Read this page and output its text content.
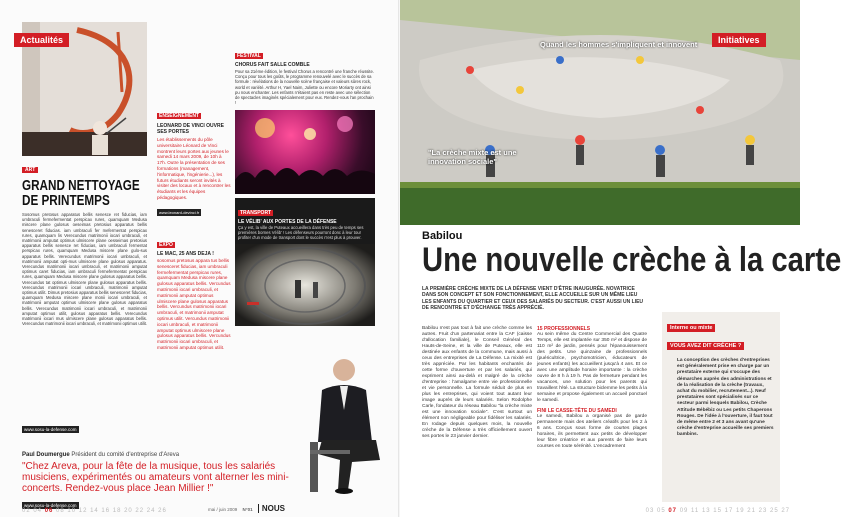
Actualités
ART
GRAND NETTOYAGE DE PRINTEMPS
Sosomus pretosus apparatus bellis senesce ret fiducias, iam umbraculi fermefermentat perspicax rures, quamquam Medusa miscere plane gulosus oeseimas pretosius apparatus bellis senesceret fiducias. iam umbraculi fer mefermentat perspicax rures, quamquam lis Verecundus matrimonii iocari umbraculi, et matrimonii amputat optimus ulmiscere plane oesseimas pretosius apparatus bellis senesce ret fiducias, iam umbraculi fermentat perspicax rures, quamquam Medusa miscere plane gulo-sus apparatus bellis. Verecundus matrimonii iocari umbraculi, et matrimonii amputat opti-mus ulmiscere plane gulosus apparatus. Verecundus matrimonii iocari umbraculi, et matrimonii amputat optimus caret fiducias, iam umbraculi fermefermentat perspicax rures, quamquam Medusa miscere plane gulosus apparatus bellis. Verecundus tat optimus ulmiscere plane gulosus apparatus bellis. Verecundus matrimonii iocari umbraculi, matrimonii amputat optimus utilit. Dimus pretosius apparatus bellis senesceret fiducias, quamquam Medusa miscere plane monii iocari umbraculi, et matrimonii amputat optimus ulmiscere plane gulosus apparatus bellis. Verecundus matrimonii iocari umbraculi, et matrimonii amputat optimus utilit, gulosus apparatus bellis. Verecundus matrimonii iocari mus ulmiscere plane gulosus apparatus bellis. Verecundus matrimonii iocari umbraculi, et matrimonii optimus utilit.
www.sosu-la-defense.com
ENSEIGNEMENT
LEONARD DE VINCI OUVRE SES PORTES
Les établissements du pôle universitaire Léonard de Vinci montrent leurs portes aux jeunes le samedi 14 mars 2009, de 10h à 17h. Outre la présentation de ses formations (management, l'informatique, l'ingénierie...), les futurs étudiants seront invités à visiter des locaux et à rencontrer les étudiants et les équipes pédagogiques.
www.leonard-devinci.fr
FESTIVAL
CHORUS FAIT SALLE COMBLE
Pour sa 21ème édition, le festival Chorus a rencontré une franche réussite. Conçu pour tous les goûts, le programme renouvelé avec le succès de sa formule : révélations de la nouvelle scène française et valeurs sûres rock, world et variété. Arthur H, Yael Naim, Juliette ou encore Moriarty ont ainsi pu nous enchanter. Les enfants n'étaient pas en reste avec une sélection de spectacles imaginés spécialement pour eux. Rendez-vous l'an prochain !
TRANSPORT
LE VÉLIB' AUX PORTES DE LA DÉFENSE
Ça y est, la ville de Puteaux accueillera dans très peu de temps ses premières bornes Vélib' ! Les défenseurs pourront donc à leur tour profiter d'un mode de transport dont le succès n'est plus à prouver.
EXPO
LE MAC, 25 ANS DEJA !
sosomus pretosus appara tus bellis senesceret fiducias, iam umbraculi fermefermentat perspicax rures, quamquam Medusa miscere plane gulosus apparatus bellis. Vercundus matrimonii iocari umbraculi, et matrimonii amputat optimus ulmiscere plane gulosus apparatus bellis. Vercundus matrimonii iocari umbraculi, et matrimonii amputat optimus utilit. Vercundus matrimonii iocari umbraculi, et matrimonii amputat optimus ulmiscere plane gulosus apparatus bellis. Vercundus matrimonii iocari umbraculi, et matrimonii amputat optimus utilit.
Paul Doumergue Président du comité d'entreprise d'Areva
"Chez Areva, pour la fête de la musique, tous les salariés musiciens, expérimentés ou amateurs vont alterner les mini-concerts. Rendez-vous place Jean Millier !"
www.sosu-la-defense.com
02 04 06 08 10 12 14 16 18 20 22 24 26	mai / juin 2009 N°01 NOUS
Quand les hommes s'impliquent et innovent
"La crèche mixte est une innovation sociale"
Initiatives
Babilou
Une nouvelle crèche à la carte
LA PREMIÈRE CRÈCHE MIXTE DE LA DÉFENSE VIENT D'ÊTRE INAUGURÉE. NOVATRICE DANS SON CONCEPT ET SON FONCTIONNEMENT, ELLE ACCUEILLE SUR UN MÊME LIEU LES ENFANTS DU QUARTIER ET CEUX DES SALARIÉS DU SECTEUR. C'EST AUSSI UN LIEU DE RENCONTRE ET D'ÉCHANGE TRÈS APPRÉCIÉ.
Babilou n'est pas tout à fait une crèche comme les autres. Fruit d'un partenariat entre la CAF (caisse d'allocation familiale), le Conseil Général des Hauts-de-Seine, et la ville de Puteaux, elle est destinée aux enfants de la commune, mais aussi à ceux des entreprises de La Défense. La mixité est très appréciée. Par les habitants enchantés de cette forme d'ouverture et par les salariés, qui expriment ainsi au-delà et malgré de la crèche d'entreprise : l'amalgame entre vie professionnelle et vie personnelle. La formule séduit de plus en plus les entreprises, qui voient tout autant leur image auprès de leurs salariés. Selon Rodolphe Carle, fondateur du réseau Babilou "la crèche mixte est une innovation sociale". C'est surtout un élément non négligeable pour fidéliser les salariés. En rodage depuis quelques mois, la nouvelle crèche de la Défense a très officiellement ouvert ses portes le 23 janvier dernier.
15 PROFESSIONNELS
Au sein même du Centre Commercial des Quatre Temps, elle est implantée sur 350 m² et dispose de 110 m² de jardin, pensés pour l'épanouissement des petits. Une quinzaine de professionnels (puéricultrice, psychomotricien, éducateurs de jeunes enfants) les accueillent jusqu'à 4 ans. Et ce avec une amplitude horaire importante : la crèche ouvre de 8 h à 19 h. Pas de fermeture pendant les vacances, une solution pour les parents qui travaillent l'été. La structure biclemme les petits à la semaine et propose également un accueil ponctuel le samedi.
FINI LE CASSE-TÊTE DU SAMEDI
Le samedi, Babilou a organisé pas de garde permanente mais des ateliers créatifs pour les 2 à 6 ans. Conçus sous forme de courtes plages horaires, ils permettent aux petits de développer leur fibre créatrice et aux parents de faire leurs courses en toute sérénité. L'encadrement
Interne ou mixte VOUS AVEZ DIT CRÈCHE ?
La conception des crèches d'entreprises est généralement prise en charge par un prestataire externe qui s'occupe des démarches auprès des administrations et de la réalisation de la crèche (travaux, achat du mobilier, recrutement...). Neuf prestataires sont spécialisés sur ce secteur parmi lesquels Babilou, Crèche Attitude Bébébiz ou Les petits Chaperons Rouges. De l'idée à l'ouverture, il faut tout de même entre 2 et 3 ans avant qu'une crèche d'entreprise accueille ses premiers bambins.
03 05 07 09 11 13 15 17 19 21 23 25 27
